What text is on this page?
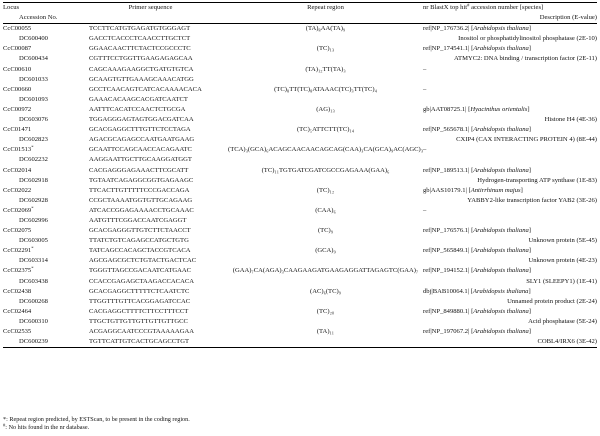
Locus	Primer sequence	Repeat region	nr BlastX top hit# accession number [species]
Accession No.			Description (E-value)
CcC00055	TCCTTCATGTGAGATGTGGGAGT	(TA)₈AA(TA)₉	ref|NP_176736.2| [Arabidopsis thaliana]
DC600400	GACCTCACCCTCAACCTTGCTCT		Inositol or phosphatidylinositol phosphatase (2E-10)
CcC00087	GGAACAACTTCTACTCCGCCCTC	(TC)₁₃	ref|NP_174541.1| [Arabidopsis thaliana]
DC600434	CGTTTCCTGGTTGAAGAGAGCAA		ATMYC2: DNA binding / transcription factor (2E-11)
CcC00610	CAGCAAAGAAGGCTGATGTGTCA	(TA)₁₂TT(TA)₃	–
DC601033	GCAAGTGTTGAAAGCAAACATGG		
CcC00660	GCCTCAACAGTCATCACAAAACACA	(TC)₈TT(TC)₈ATAAAC(TC)₃TT(TC)₄	–
DC601093	GAAACACAAGCACGATCAATCT		
CcC00972	AATTTCACATCCAACTCTGCGA	(AG)₁₃	gb|AAT08725.1| [Hyacinthus orientalis]
DC603076	TGGAGGGAGTAGTGGACGATCAA		Histone H4 (4E-36)
CcC01471	GCACGAGGCTTTGTTCTCCTAGA	(TC)₅ATTCTT(TC)₁₄	ref|NP_565678.1| [Arabidopsis thaliana]
DC602823	AGACGCAGAGCCAATGAATGAAG		CXIP4 (CAX INTERACTING PROTEIN 4) (8E-44)
CcC01513*	GCAATTCCAGCAACCACAGAATC	(TCA)₃(GCA)₆ACAGCAACAACAGCAG(CAA)₃CA(GCA)₉AC(AGC)₃	–
DC602232	AAGGAATTGCTTGCAAGGATGGT		
CcC02014	CACGAGGGAGAAACTTCGCATT	(TC)₁₁TGTGATCGATCGCCGAGAAA(GAA)₆	ref|NP_189513.1| [Arabidopsis thaliana]
DC602918	TGTAATCAGAGGCGGTGAGAAGC		Hydrogen-transporting ATP synthase (1E-83)
CcC02022	TTCACTTGTTTTTCCCGACCAGA	(TC)₁₂	gb|AAS10179.1| [Antirrhinum majus]
DC602928	CCGCTAAAATGGTGTTGCAGAAG		YABBY2-like transcription factor YAB2 (3E-26)
CcC02069*	ATCACCGGAGAAAACCTGCAAAC	(CAA)₆	–
DC602996	AATGTTTCGGACCAATCGAGGT		
CcC02075	GCACGAGGGTTGTCTTCTAACCT	(TC)₉	ref|NP_176576.1| [Arabidopsis thaliana]
DC603005	TTATCTGTCAGAGCCATGCTGTG		Unknown protein (5E-45)
CcC02291*	TATCAGCCACAGCTACCGTCACA	(GCA)₉	ref|NP_565849.1| [Arabidopsis thaliana]
DC603314	AGCGAGCGCTCTGTACTGACTCAC		Unknown protein (4E-23)
CcC02375*	TGGGTTAGCCGACAATCATGAAC	(GAA)₇CA(AGA)₃CAAGAAGATGAAGAGGATTAGAGTC(GAA)₇	ref|NP_194152.1| [Arabidopsis thaliana]
DC603438	CCACCGAGAGCTAAGACCACACA		SLY1 (SLEEPY1) (1E-41)
CcC02438	GCACGAGGCTTTTTCTCAATCTC	(AC)₆(TC)₉	dbj|BAB10064.1| [Arabidopsis thaliana]
DC600268	TTGGTTTGTTCACGGAGATCCAC		Unnamed protein product (2E-24)
CcC02464	CACGAGGCTTTTCTTCCTTTCCT	(TC)₂₀	ref|NP_849880.1| [Arabidopsis thaliana]
DC600310	TTGCTGTTGTTGTTGTTGTTGCC		Acid phosphatase (5E-24)
CcC02535	ACGAGGCAATCCCGTAAAAAGAA	(TA)₁₁	ref|NP_197067.2| [Arabidopsis thaliana]
DC600239	TGTTCATTGTCACTGCAGCCTGT		COBL4/IRX6 (3E-42)
*: Repeat region predicted, by ESTScan, to be present in the coding region.
#: No hits found in the nr database.
